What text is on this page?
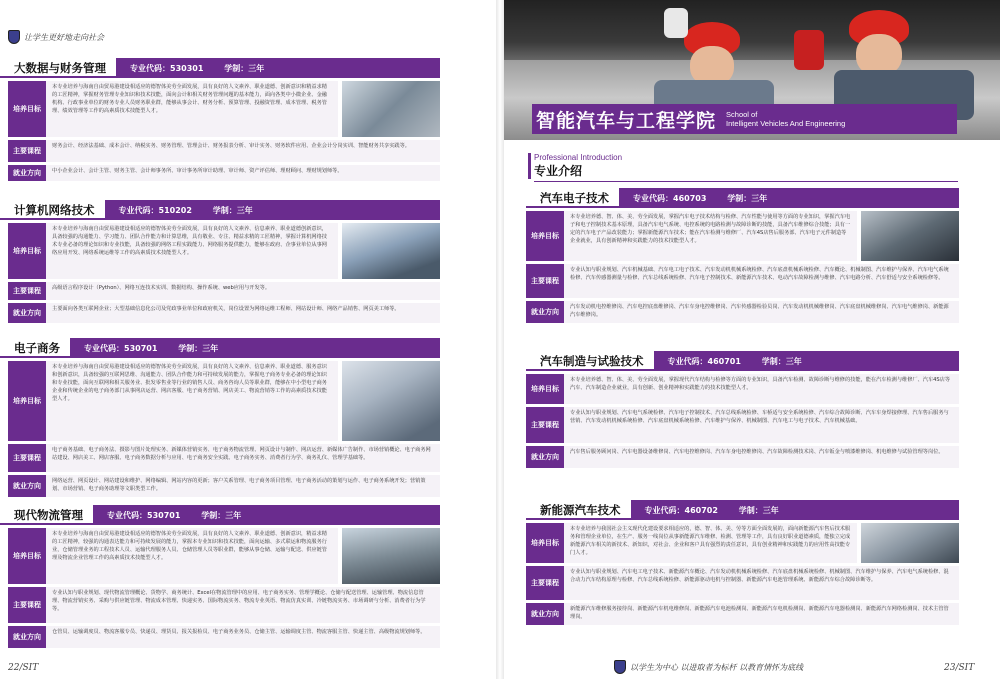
让学生更好地走向社会
大数据与财务管理	专业代码：530301	学制：三年
培养目标
本专业培养与海南自由贸易港建设相适应的德智体美劳全面发展，具有良好的人文素养、职业道德、创新意识和精益求精的工匠精神，掌握财务管理专业知识和技术技能，面向会计和相关财务管理问题的基本能力，面向各类中小微企业、金融机构、行政事业单位的财务专业人员财务职业群，能够从事会计、财务分析、预算管理、投融资管理、成本管理、税务管理、绩效管理等工作的高素质技术技能型人才。
主要课程
财务会计、经济法基础、成本会计、纳税实务、财务管理、管理会计、财务报表分析、审计实务、财务软件应用、企业会计分岗实训、智能财务共享实践等。
就业方向	中小企业会计、会计主管、财务主管、会计师事务所、审计事务所审计助理、审计师、资产评估师、理财顾问、理财规划师等。
计算机网络技术	专业代码：510202	学制：三年
培养目标
本专业培养与海南自由贸易港建设相适应的德智体美劳全面发展，具有良好的人文素养、信息素养、职业道德创新意识，具备较强的沟通能力、学习能力、团队合作能力和计算思维，具有敬业、专注、精益求精的工匠精神，掌握计算机网络技术专业必备的理论知识和专业技能，具备较强的网络工程实践能力、网络服务提供能力，能够在政府、企事业单位从事网络应用开发、网络系统运维等工作的高素质技术技能型人才。
主要课程	高级语言程序设计（Python）、网络互连技术实训、数据结构、操作系统、web应用与开发等。
就业方向	主要面向各类互联网企业；大型基础信息化公司及党政事业单位和政府机关，岗位设置为网络运维工程师、网站设计师、网络产品销售、网页美工师等。
电子商务	专业代码：530701	学制：三年
培养目标
本专业培养与海南自由贸易港建设相适应的德智体美劳全面发展，具有良好的人文素养、信息素养、职业道德、服务意识和创新意识，具备较强的互联网思维、沟通能力、团队合作能力和可持续发展的能力，掌握电子商务专业必备的理论知识和专业技能，面向互联网和相关服务业、批发零售业等行业的销售人员、商务咨询人员等职业群，能够在中小型电子商务企业和传统企业的电子商务部门从事网店运营、网店客服、电子商务营销、网店美工、物流营销等工作的高素质技术技能型人才。
主要课程
电子商务基础、电子商务法、摄影与图片处理实务、新媒体营销实务、电子商务物流管理、网页设计与制作、网店运营、新媒体广告制作、市场营销概论、电子商务网站建设、网店美工、网店客服、电子商务数据分析与应用、电子商务安全实践、电子商务实务、消费者行为学、商务礼仪、管理学基础等。
就业方向
网络运营、网页设计、网站建设和维护、网络编辑、网站内容的更新；客户关系管理、电子商务项目管理、电子商务活动的策划与运作、电子商务系统开发；营销策划、市场营销、电子商务助理等文职类型工作。
现代物流管理	专业代码：530701	学制：三年
培养目标
本专业培养与海南自由贸易港建设相适应的德智体美劳全面发展，具有良好的人文素养、职业道德、创新意识，精益求精的工匠精神，较强的沟通表达能力和可持续发展的能力，掌握本专业知识和技术技能，面向运输、多式联运和物流服务行业，仓储管理业务的工程技术人员、运输代理服务人员、仓储管理人员等职业群，能够从事仓储、运输与配送、供应链管理及物流企业管理工作的高素质技术技能型人才。
主要课程
专业认知与职业规划、现代物流管理概论、货物学、商务统计、Excel在物流管理中的应用、电子商务实务、管理学概论、仓储与配送管理、运输管理、物流信息管理、物流营销实务、采购与供应链管理、物流成本管理、快递实务、国际物流实务、物流专业英语、物流仿真实训、冷链物流实务、市场调研与分析、消费者行为学等。
就业方向
仓管员、运输调度员、物流客服专员、快递员、理货员、报关报检员、电子商务业务员、仓储主管、运输调度主管、物流客服主管、快递主管、高级物流规划师等。
22/SIT
智能汽车与工程学院 School of
Intelligent Vehicles And Engineering
Professional Introduction
专业介绍
汽车电子技术	专业代码：460703	学制：三年
培养目标
本专业培养德、智、体、美、劳全面发展，掌握汽车电子技术结构与检修、汽车性能与使用等方面的专业知识，掌握汽车电子和电子控制技术基本原理，具备汽车电气系统、电控系统的电路检测与故障诊断的技能，具备汽车维修综合技能；具有一定的汽车电子产品改装能力；掌握新能源汽车技术；能在汽车检测与维修厂、汽车4S店售后服务部、汽车电子元件制造等企业就业，具有创新精神和实践能力的技术技能型人才。
主要课程
专业认知与职业规划、汽车机械基础、汽车电工电子技术、汽车发动机机械系统检修、汽车底盘机械系统检修、汽车概论、机械制图、汽车维护与保养、汽车电气系统检修、汽车传感器测量与检修、汽车总线系统检修、汽车电子控制技术、新能源汽车技术、电动汽车故障检测与维修、汽车电路分析、汽车舒适与安全系统检修等。
就业方向
汽车发动机电控维修岗、汽车电控底盘维修岗、汽车车身电控维修岗、汽车传感器检验员岗、汽车发动机机械维修岗、汽车底盘机械维修岗、汽车电气维修岗、新能源汽车维修岗。
汽车制造与试验技术	专业代码：460701	学制：三年
培养目标
本专业培养德、智、体、美、劳全面发展，掌握现代汽车结构与检修等方面的专业知识，具备汽车检测、故障诊断与维修的技能，能在汽车检测与维修厂、汽车4S店等汽车、汽车制造企业就业，具有创新、创业精神和实践能力的技术技能型人才。
主要课程
专业认知与职业规划、汽车电气系统检修、汽车电子控制技术、汽车总线系统检修、车桥适与安全系统检修、汽车综合故障诊断、汽车车身焊接修理、汽车售后服务与营销、汽车发动机机械系统检修、汽车底盘机械系统检修、汽车维护与保养、机械制图、汽车电工与电子技术、汽车机械基础。
就业方向
汽车售后服务顾问岗、汽车电器设备维修岗、汽车电控维修岗、汽车车身电控维修岗、汽车故障检测技术岗、汽车钣金与喷漆维修岗、机电维修与试验管理等岗位。
新能源汽车技术	专业代码：460702	学制：三年
培养目标
本专业培养与我国社会主义现代化建设要求相适应的，德、智、体、美、劳等方面全面发展的，面向新能源汽车售后技术服务和管理企业单位，在生产、服务一线岗位从事新能源汽车维修、检测、管理等工作，具有良好职业道德素质，能独立完成新能源汽车相关的新技术、新知识，对社会、企业和客户具有强烈的责任意识，具有创业精神和实践能力的应用性高技能专门人才。
主要课程
专业认知与职业规划、汽车电工电子技术、新能源汽车概论、汽车发动机机械系统检修、汽车底盘机械系统检修、机械制图、汽车维护与保养、汽车电气系统检修、混合动力汽车结构原理与检修、汽车总线系统检修、新能源驱动电机与控制器、新能源汽车电池管理系统、新能源汽车综合故障诊断等。
就业方向
新能源汽车维修服务接待岗、新能源汽车机电维修岗、新能源汽车电池检测岗、新能源汽车电机检测岗、新能源汽车电器检测岗、新能源汽车网络检测岗、技术主管管理岗。
以学生为中心 以进取者为标杆 以教育情怀为底线	23/SIT
